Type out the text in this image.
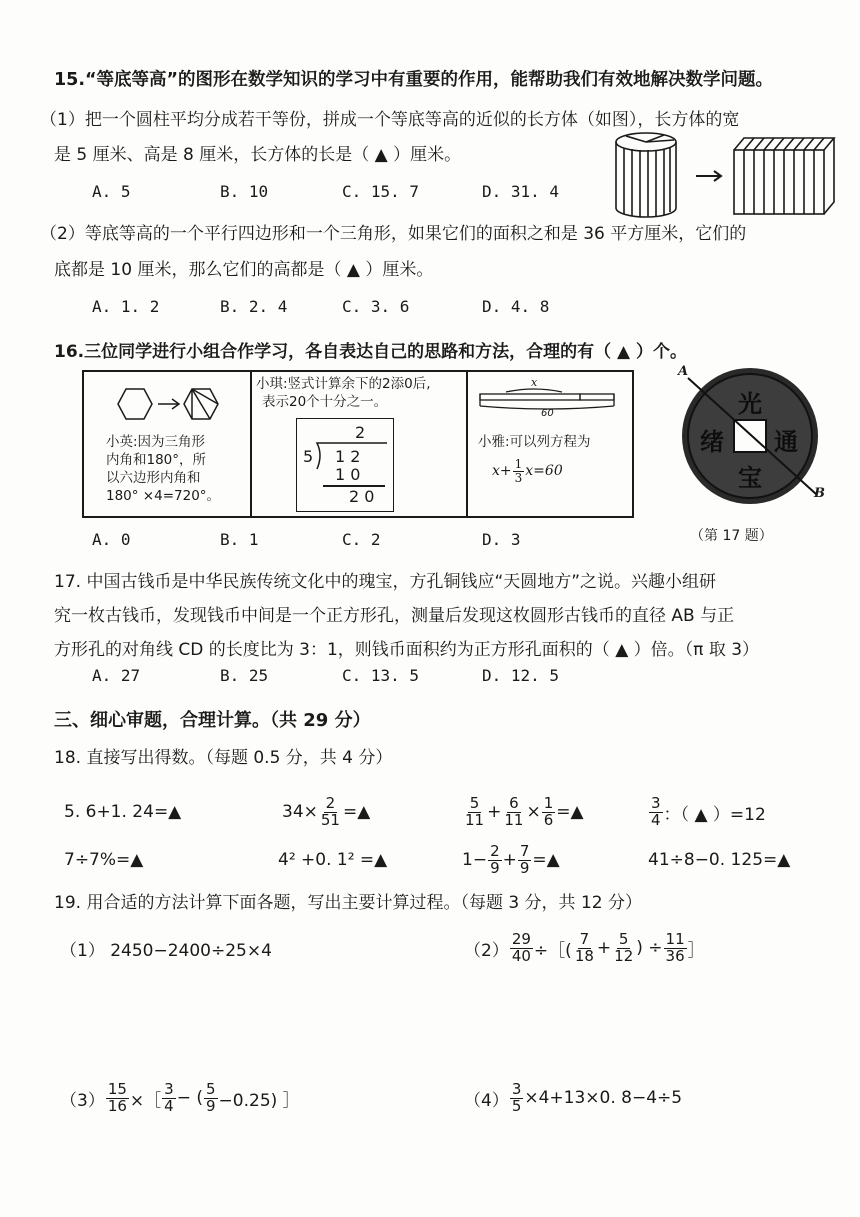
15.“等底等高”的图形在数学知识的学习中有重要的作用，能帮助我们有效地解决数学问题。
（1）把一个圆柱平均分成若干等份，拼成一个等底等高的近似的长方体（如图），长方体的宽
是 5 厘米、高是 8 厘米，长方体的长是（ ▲ ）厘米。
A. 5	B. 10	C. 15. 7	D. 31. 4
（2）等底等高的一个平行四边形和一个三角形，如果它们的面积之和是 36 平方厘米，它们的
底都是 10 厘米，那么它们的高都是（ ▲ ）厘米。
A. 1. 2	B. 2. 4	C. 3. 6	D. 4. 8
16.三位同学进行小组合作学习，各自表达自己的思路和方法，合理的有（ ▲ ）个。
小英:因为三角形
内角和180°，所
以六边形内角和
180° ×4=720°。
小琪:竖式计算余下的2添0后,
表示20个十分之一。
2
5 1 2
1 0
2 0
x
60
小雅:可以列方程为
$x + \frac{1}{3} x=60$
A. 0	B. 1	C. 2	D. 3
光
通
宝
绪
A
B
（第 17 题）
17. 中国古钱币是中华民族传统文化中的瑰宝，方孔铜钱应“天圆地方”之说。兴趣小组研
究一枚古钱币，发现钱币中间是一个正方形孔，测量后发现这枚圆形古钱币的直径 AB 与正
方形孔的对角线 CD 的长度比为 3：1，则钱币面积约为正方形孔面积的（ ▲ ）倍。（π 取 3）
A. 27	B. 25	C. 13. 5	D. 12. 5
三、细心审题，合理计算。（共 29 分）
18. 直接写出得数。（每题 0.5 分，共 4 分）
5. 6+1. 24=▲	$34\times \frac{2}{51}$ =▲	$\frac{5}{11} + \frac{6}{11} \times \frac{1}{6}$ =▲	$\frac{3}{4}$ ：（ ▲ ）=12
7÷7%=▲	4² +0. 1² =▲	$1- \frac{2}{9} + \frac{7}{9}$ =▲	41÷8−0. 125=▲
19. 用合适的方法计算下面各题，写出主要计算过程。（每题 3 分，共 12 分）
（1） 2450−2400÷25×4	$(2) \frac{29}{40}$ ÷［( $\frac{7}{18} + \frac{5}{12}$ ) ÷ $\frac{11}{36}$ ］
$(3) \frac{15}{16}$ ×［ $\frac{3}{4}$ − ( $\frac{5}{9} -0.25$) ］	$(4) \frac{3}{5} \times 4+13\times 0$. 8−4÷5
